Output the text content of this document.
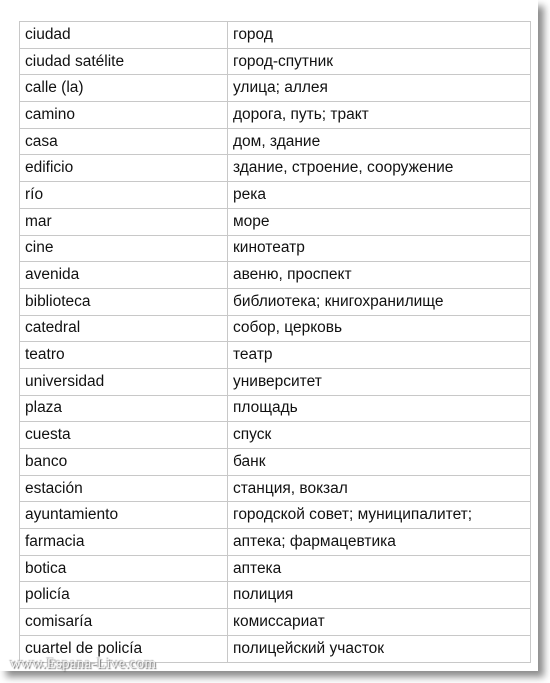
ciudad	город
ciudad satélite	город-спутник
calle (la)	улица; аллея
camino	дорога, путь; тракт
casa	дом, здание
edificio	здание, строение, сооружение
río	река
mar	море
cine	кинотеатр
avenida	авеню, проспект
biblioteca	библиотека; книгохранилище
catedral	собор, церковь
teatro	театр
universidad	университет
plaza	площадь
cuesta	спуск
banco	банк
estación	станция, вокзал
ayuntamiento	городской совет; муниципалитет;
farmacia	аптека; фармацевтика
botica	аптека
policía	полиция
comisaría	комиссариат
cuartel de policía	полицейский участок
www.Espana-Live.com
